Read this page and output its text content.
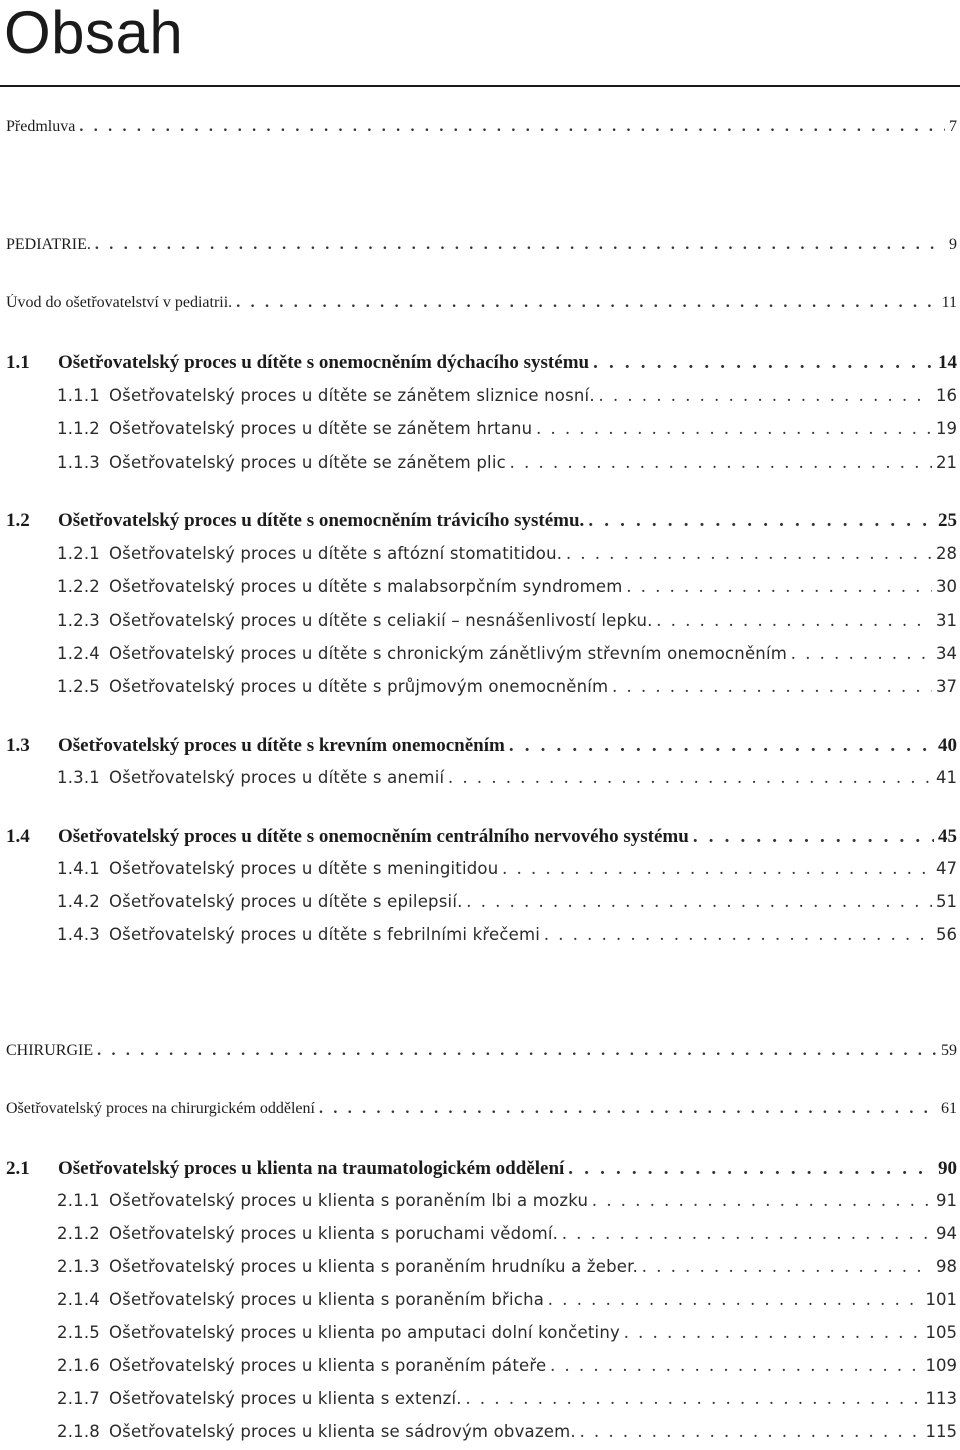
Obsah
Předmluva . . .	7
PEDIATRIE. . . .	9
Úvod do ošetřovatelství v pediatrii. . . .	11
1.1	Ošetřovatelský proces u dítěte s onemocněním dýchacího systému . . .	14
1.1.1 Ošetřovatelský proces u dítěte se zánětem sliznice nosní. . . .	16
1.1.2 Ošetřovatelský proces u dítěte se zánětem hrtanu . . .	19
1.1.3 Ošetřovatelský proces u dítěte se zánětem plic . . .	21
1.2	Ošetřovatelský proces u dítěte s onemocněním trávicího systému. . . .	25
1.2.1 Ošetřovatelský proces u dítěte s aftózní stomatitidou. . . .	28
1.2.2 Ošetřovatelský proces u dítěte s malabsorpčním syndromem . . .	30
1.2.3 Ošetřovatelský proces u dítěte s celiakií – nesnášenlivostí lepku. . . .	31
1.2.4 Ošetřovatelský proces u dítěte s chronickým zánětlivým střevním onemocněním . . .	34
1.2.5 Ošetřovatelský proces u dítěte s průjmovým onemocněním . . .	37
1.3	Ošetřovatelský proces u dítěte s krevním onemocněním . . .	40
1.3.1 Ošetřovatelský proces u dítěte s anemií . . .	41
1.4	Ošetřovatelský proces u dítěte s onemocněním centrálního nervového systému . . .	45
1.4.1 Ošetřovatelský proces u dítěte s meningitidou . . .	47
1.4.2 Ošetřovatelský proces u dítěte s epilepsií. . . .	51
1.4.3 Ošetřovatelský proces u dítěte s febrilními křečemi . . .	56
CHIRURGIE . . .	59
Ošetřovatelský proces na chirurgickém oddělení . . .	61
2.1	Ošetřovatelský proces u klienta na traumatologickém oddělení . . .	90
2.1.1 Ošetřovatelský proces u klienta s poraněním lbi a mozku . . .	91
2.1.2 Ošetřovatelský proces u klienta s poruchami vědomí. . . .	94
2.1.3 Ošetřovatelský proces u klienta s poraněním hrudníku a žeber. . . .	98
2.1.4 Ošetřovatelský proces u klienta s poraněním břicha . . .	101
2.1.5 Ošetřovatelský proces u klienta po amputaci dolní končetiny . . .	105
2.1.6 Ošetřovatelský proces u klienta s poraněním páteře . . .	109
2.1.7 Ošetřovatelský proces u klienta s extenzí. . . .	113
2.1.8 Ošetřovatelský proces u klienta se sádrovým obvazem. . . .	115
